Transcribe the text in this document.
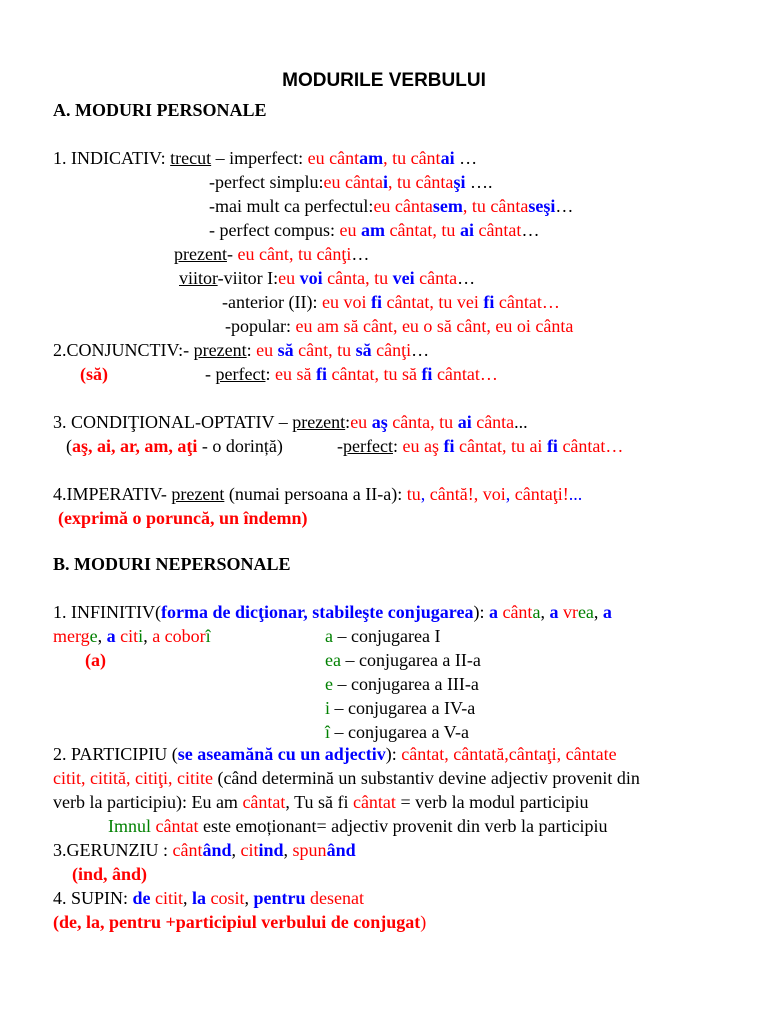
MODURILE VERBULUI
A. MODURI PERSONALE
1. INDICATIV: trecut – imperfect: eu cântam, tu cântai …
-perfect simplu:eu cântai, tu cântaşi ….
-mai mult ca perfectul:eu cântasem, tu cântaseşi…
- perfect compus: eu am cântat, tu ai cântat…
prezent- eu cânt, tu cânţi…
viitor-viitor I:eu voi cânta, tu vei cânta…
-anterior (II): eu voi fi cântat, tu vei fi cântat…
-popular: eu am să cânt, eu o să cânt, eu oi cânta
2.CONJUNCTIV:- prezent: eu să cânt, tu să cânţi…
(să)	- perfect: eu să fi cântat, tu să fi cântat…
3. CONDIŢIONAL-OPTATIV – prezent:eu aş cânta, tu ai cânta...
(aş, ai, ar, am, aţi - o dorință)	-perfect: eu aş fi cântat, tu ai fi cântat…
4.IMPERATIV- prezent (numai persoana a II-a): tu, cântă!, voi, cântaţi!...
(exprimă o poruncă, un îndemn)
B. MODURI NEPERSONALE
1. INFINITIV(forma de dicţionar, stabileşte conjugarea): a cânta, a vrea, a
merge, a citi, a coborî
(a)
a – conjugarea I
ea – conjugarea a II-a
e – conjugarea a III-a
i – conjugarea a IV-a
î – conjugarea a V-a
2. PARTICIPIU (se aseamănă cu un adjectiv): cântat, cântată,cântaţi, cântate
citit, citită, citiţi, citite (când determină un substantiv devine adjectiv provenit din
verb la participiu): Eu am cântat, Tu să fi cântat = verb la modul participiu
Imnul cântat este emoționant= adjectiv provenit din verb la participiu
3.GERUNZIU : cântând, citind, spunând
(ind, ând)
4. SUPIN: de citit, la cosit, pentru desenat
(de, la, pentru +participiul verbului de conjugat)
